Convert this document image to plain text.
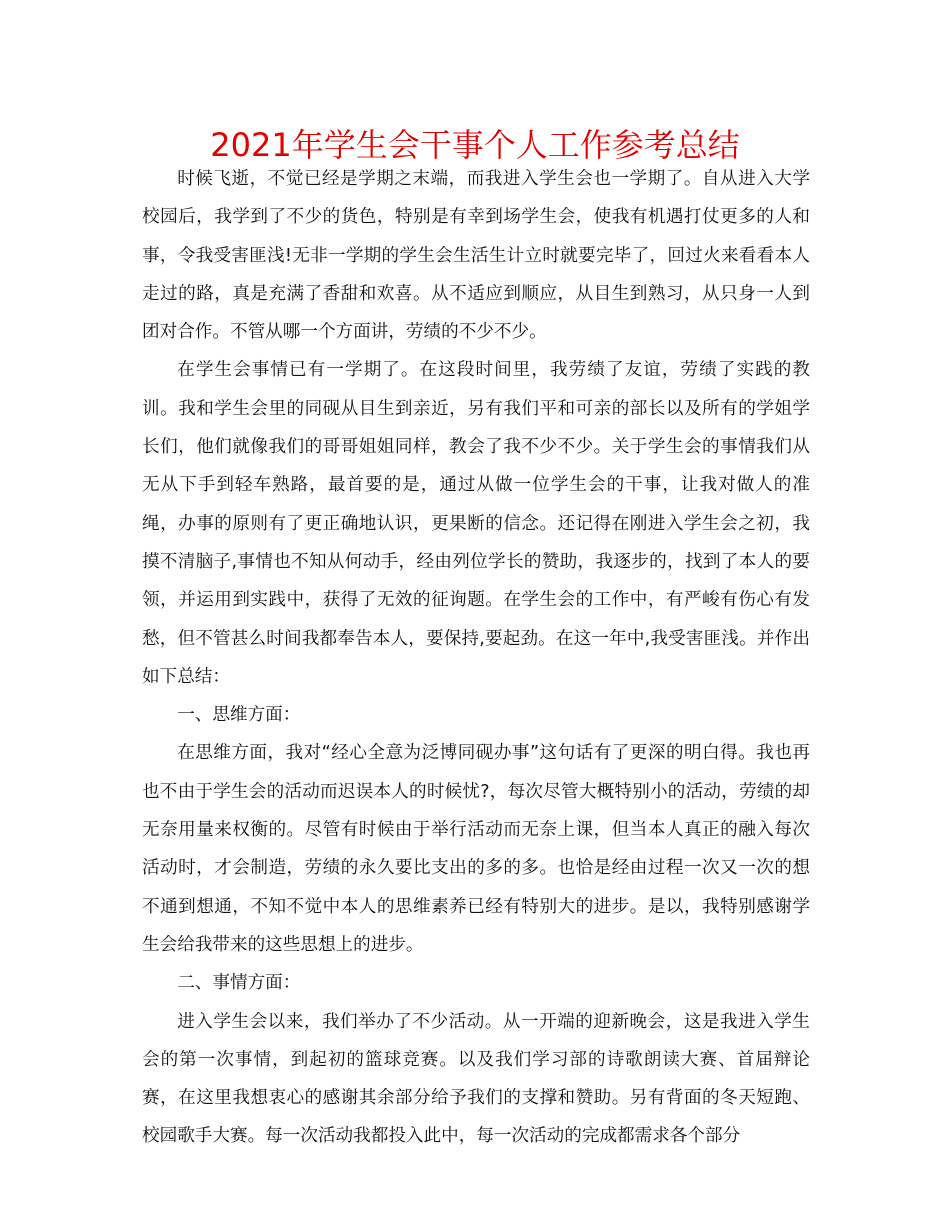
2021年学生会干事个人工作参考总结

时候飞逝，不觉已经是学期之末端，而我进入学生会也一学期了。自从进入大学校园后，我学到了不少的货色，特别是有幸到场学生会，使我有机遇打仗更多的人和事，令我受害匪浅!无非一学期的学生会生活生计立时就要完毕了，回过火来看看本人走过的路，真是充满了香甜和欢喜。从不适应到顺应，从目生到熟习，从只身一人到团对合作。不管从哪一个方面讲，劳绩的不少不少。

在学生会事情已有一学期了。在这段时间里，我劳绩了友谊，劳绩了实践的教训。我和学生会里的同砚从目生到亲近，另有我们平和可亲的部长以及所有的学姐学长们，他们就像我们的哥哥姐姐同样，教会了我不少不少。关于学生会的事情我们从无从下手到轻车熟路，最首要的是，通过从做一位学生会的干事，让我对做人的准绳，办事的原则有了更正确地认识，更果断的信念。还记得在刚进入学生会之初，我摸不清脑子,事情也不知从何动手，经由列位学长的赞助，我逐步的，找到了本人的要领，并运用到实践中，获得了无效的征询题。在学生会的工作中，有严峻有伤心有发愁，但不管甚么时间我都奉告本人，要保持,要起劲。在这一年中,我受害匪浅。并作出如下总结：

一、思维方面：

在思维方面，我对“经心全意为泛博同砚办事”这句话有了更深的明白得。我也再也不由于学生会的活动而迟误本人的时候忧?，每次尽管大概特别小的活动，劳绩的却无奈用量来权衡的。尽管有时候由于举行活动而无奈上课，但当本人真正的融入每次活动时，才会制造，劳绩的永久要比支出的多的多。也恰是经由过程一次又一次的想不通到想通，不知不觉中本人的思维素养已经有特别大的进步。是以，我特别感谢学生会给我带来的这些思想上的进步。

二、事情方面：

进入学生会以来，我们举办了不少活动。从一开端的迎新晚会，这是我进入学生会的第一次事情，到起初的篮球竞赛。以及我们学习部的诗歌朗读大赛、首届辩论赛，在这里我想衷心的感谢其余部分给予我们的支撑和赞助。另有背面的冬天短跑、校园歌手大赛。每一次活动我都投入此中，每一次活动的完成都需求各个部分
